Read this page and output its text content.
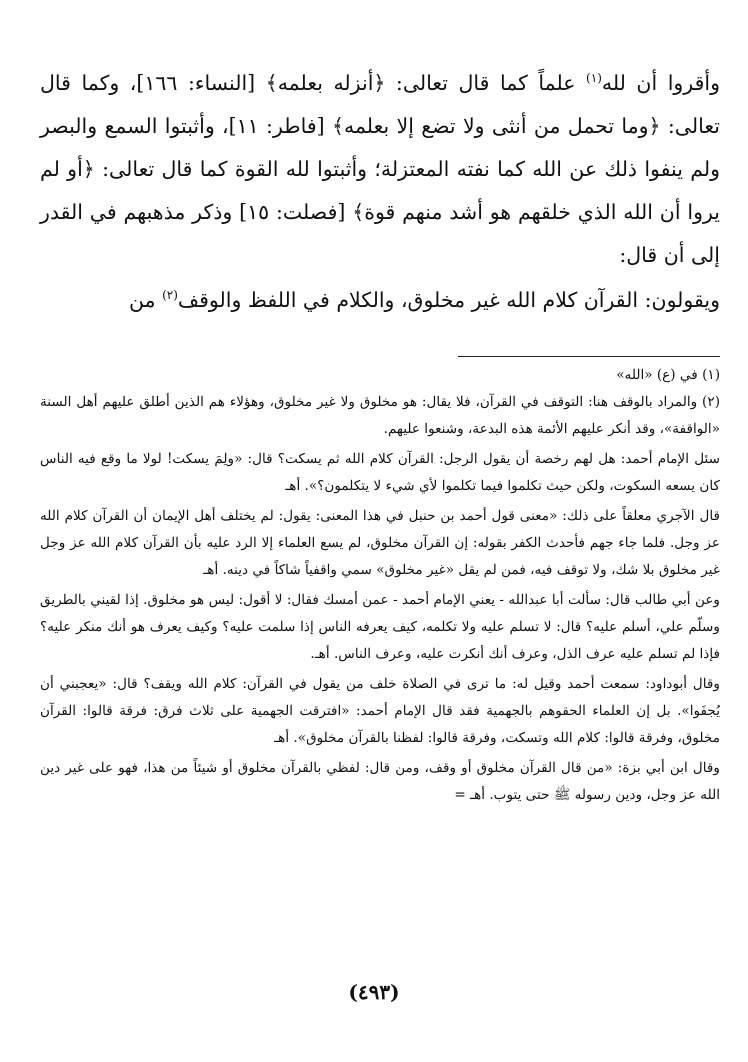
وأقروا أن لله$^{(١)}$ علماً كما قال تعالى: ﴿أنزله بعلمه﴾ [النساء: ١٦٦]، وكما قال تعالى: ﴿وما تحمل من أنثى ولا تضع إلا بعلمه﴾ [فاطر: ١١]، وأثبتوا السمع والبصر ولم ينفوا ذلك عن الله كما نفته المعتزلة؛ وأثبتوا لله القوة كما قال تعالى: ﴿أو لم يروا أن الله الذي خلقهم هو أشد منهم قوة﴾ [فصلت: ١٥] وذكر مذهبهم في القدر إلى أن قال:

ويقولون: القرآن كلام الله غير مخلوق، والكلام في اللفظ والوقف$^{(٢)}$ من

(١) في (ع) «الله»

(٢) والمراد بالوقف هنا: التوقف في القرآن، فلا يقال: هو مخلوق ولا غير مخلوق، وهؤلاء هم الذين أطلق عليهم أهل السنة «الواقفة»، وقد أنكر عليهم الأئمة هذه البدعة، وشنعوا عليهم.

سئل الإمام أحمد: هل لهم رخصة أن يقول الرجل: القرآن كلام الله ثم يسكت؟ قال: «ولِمَ يسكت! لولا ما وقع فيه الناس كان يسعه السكوت، ولكن حيث تكلموا فيما تكلموا لأي شيء لا يتكلمون؟». أهـ

قال الآجري معلقاً على ذلك: «معنى قول أحمد بن حنبل في هذا المعنى: يقول: لم يختلف أهل الإيمان أن القرآن كلام الله عز وجل. فلما جاء جهم فأحدث الكفر بقوله: إن القرآن مخلوق، لم يسع العلماء إلا الرد عليه بأن القرآن كلام الله عز وجل غير مخلوق بلا شك، ولا توقف فيه، فمن لم يقل «غير مخلوق» سمي واقفياً شاكاً في دينه. أهـ

وعن أبي طالب قال: سألت أبا عبدالله - يعني الإمام أحمد - عمن أمسك فقال: لا أقول: ليس هو مخلوق. إذا لقيني بالطريق وسلّم علي، أسلم عليه؟ قال: لا تسلم عليه ولا تكلمه، كيف يعرفه الناس إذا سلمت عليه؟ وكيف يعرف هو أنك منكر عليه؟ فإذا لم تسلم عليه عرف الذل، وعرف أنك أنكرت عليه، وعرف الناس. أهـ.

وقال أبوداود: سمعت أحمد وقيل له: ما ترى في الصلاة خلف من يقول في القرآن: كلام الله ويقف؟ قال: «يعجبني أن يُجفَوا». بل إن العلماء الحقوهم بالجهمية فقد قال الإمام أحمد: «افترقت الجهمية على ثلاث فرق: فرقة قالوا: القرآن مخلوق، وفرقة قالوا: كلام الله وتسكت، وفرقة قالوا: لفظنا بالقرآن مخلوق». أهـ

وقال ابن أبي بزة: «من قال القرآن مخلوق أو وقف، ومن قال: لفظي بالقرآن مخلوق أو شيئاً من هذا، فهو على غير دين الله عز وجل، ودين رسوله ﷺ حتى يتوب. أهـ =

(٤٩٣)
